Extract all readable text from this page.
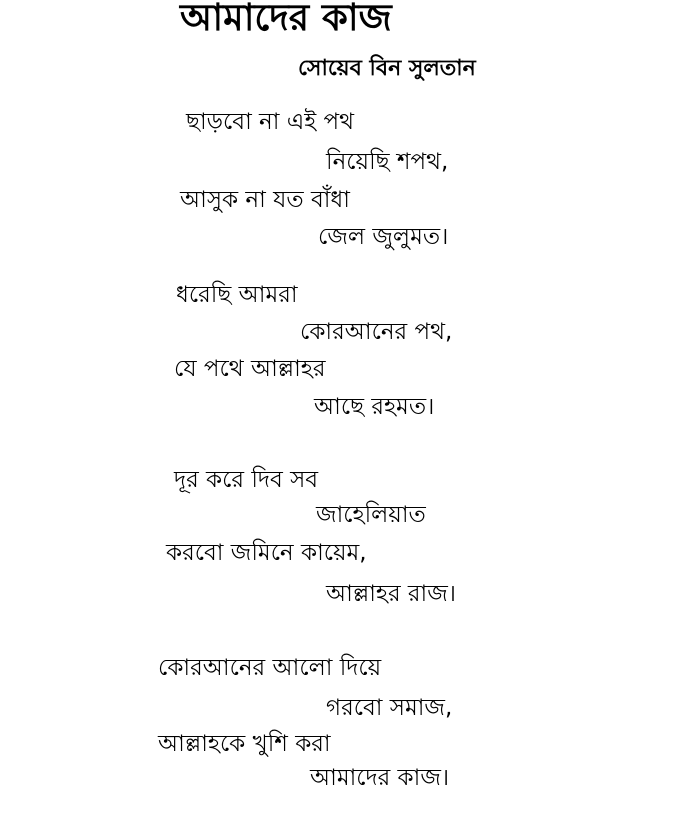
আমাদের কাজ
সোয়েব বিন সুলতান
ছাড়বো না এই পথ
নিয়েছি শপথ,
আসুক না যত বাঁধা
জেল জুলুমত।
ধরেছি আমরা
কোরআনের পথ,
যে পথে আল্লাহর
আছে রহমত।
দূর করে দিব সব
জাহেলিয়াত
করবো জমিনে কায়েম,
আল্লাহর রাজ।
কোরআনের আলো দিয়ে
গরবো সমাজ,
আল্লাহকে খুশি করা
আমাদের কাজ।
